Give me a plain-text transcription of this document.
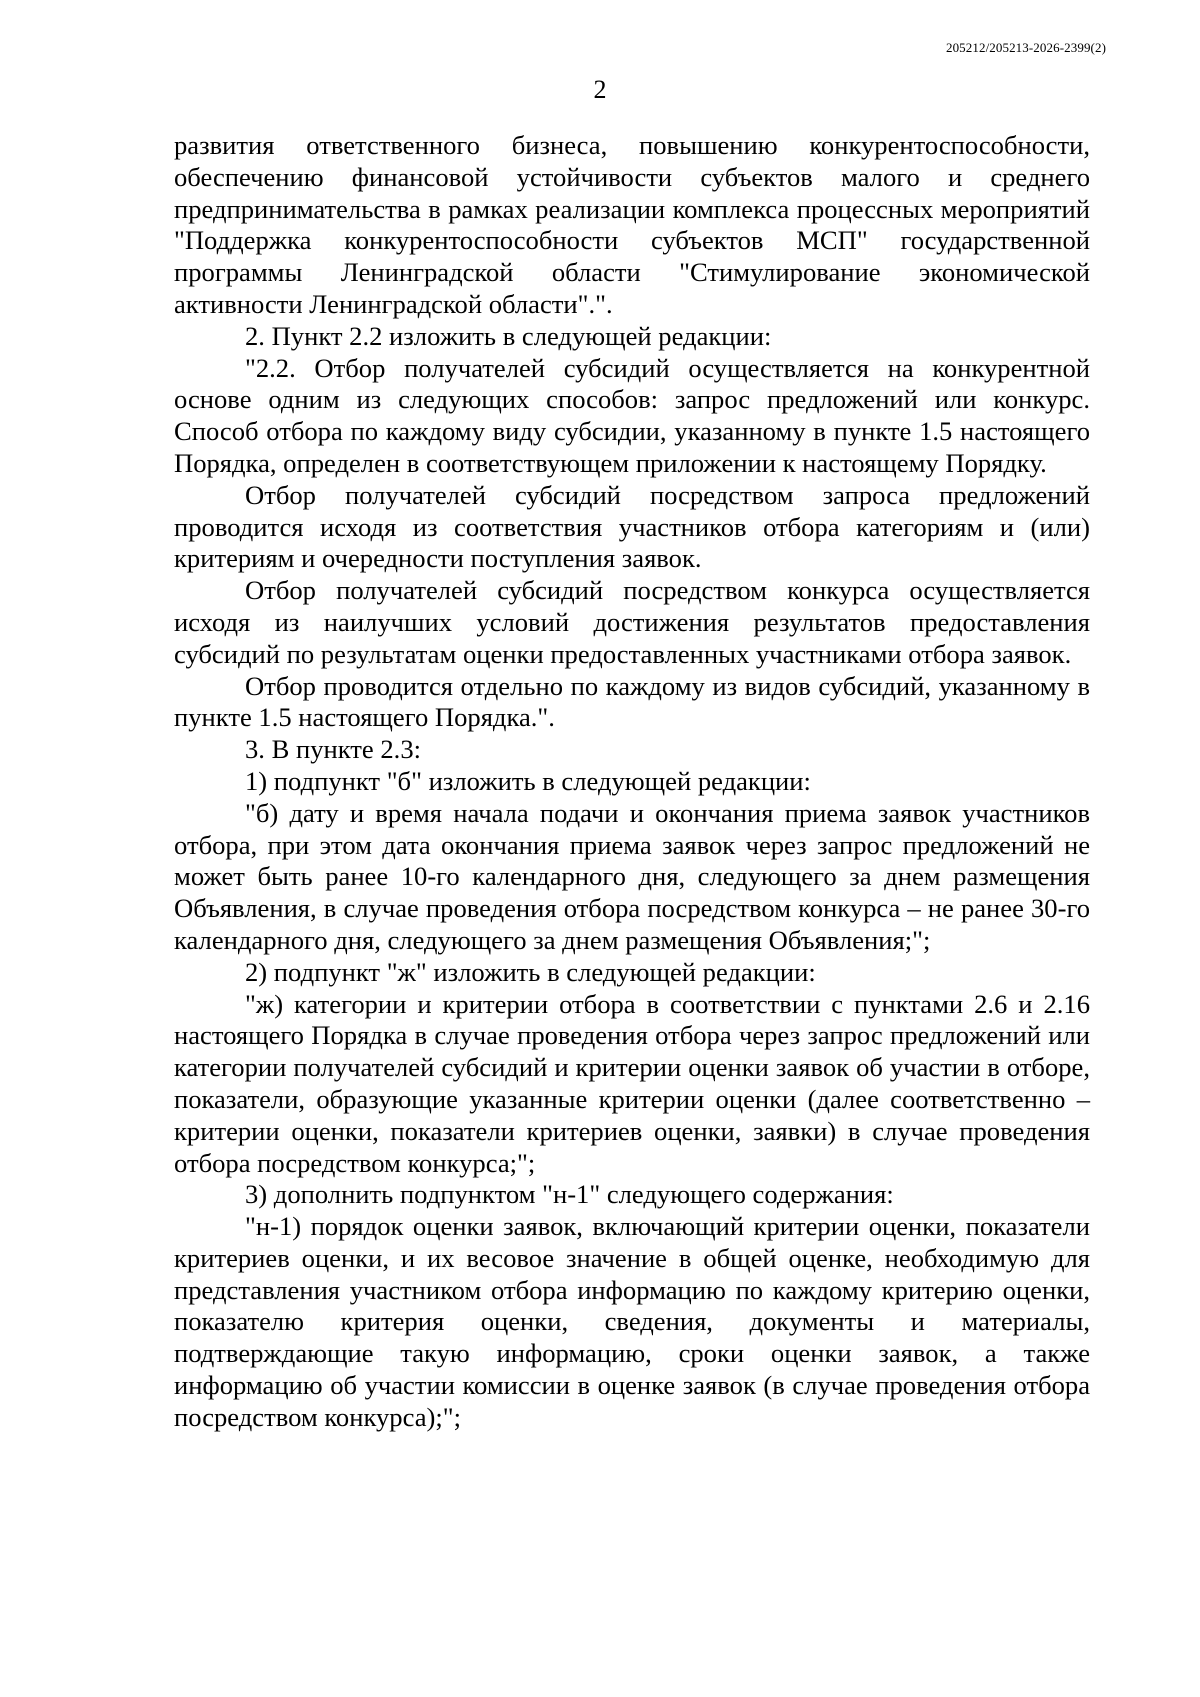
205212/205213-2026-2399(2)
2

развития ответственного бизнеса, повышению конкурентоспособности, обеспечению финансовой устойчивости субъектов малого и среднего предпринимательства в рамках реализации комплекса процессных мероприятий "Поддержка конкурентоспособности субъектов МСП" государственной программы Ленинградской области "Стимулирование экономической активности Ленинградской области".".

2. Пункт 2.2 изложить в следующей редакции:

"2.2. Отбор получателей субсидий осуществляется на конкурентной основе одним из следующих способов: запрос предложений или конкурс. Способ отбора по каждому виду субсидии, указанному в пункте 1.5 настоящего Порядка, определен в соответствующем приложении к настоящему Порядку.

Отбор получателей субсидий посредством запроса предложений проводится исходя из соответствия участников отбора категориям и (или) критериям и очередности поступления заявок.

Отбор получателей субсидий посредством конкурса осуществляется исходя из наилучших условий достижения результатов предоставления субсидий по результатам оценки предоставленных участниками отбора заявок.

Отбор проводится отдельно по каждому из видов субсидий, указанному в пункте 1.5 настоящего Порядка.".

3. В пункте 2.3:

1) подпункт "б" изложить в следующей редакции:

"б) дату и время начала подачи и окончания приема заявок участников отбора, при этом дата окончания приема заявок через запрос предложений не может быть ранее 10-го календарного дня, следующего за днем размещения Объявления, в случае проведения отбора посредством конкурса – не ранее 30-го календарного дня, следующего за днем размещения Объявления;";

2) подпункт "ж" изложить в следующей редакции:

"ж) категории и критерии отбора в соответствии с пунктами 2.6 и 2.16 настоящего Порядка в случае проведения отбора через запрос предложений или категории получателей субсидий и критерии оценки заявок об участии в отборе, показатели, образующие указанные критерии оценки (далее соответственно – критерии оценки, показатели критериев оценки, заявки) в случае проведения отбора посредством конкурса;";

3) дополнить подпунктом "н-1" следующего содержания:

"н-1) порядок оценки заявок, включающий критерии оценки, показатели критериев оценки, и их весовое значение в общей оценке, необходимую для представления участником отбора информацию по каждому критерию оценки, показателю критерия оценки, сведения, документы и материалы, подтверждающие такую информацию, сроки оценки заявок, а также информацию об участии комиссии в оценке заявок (в случае проведения отбора посредством конкурса);";
